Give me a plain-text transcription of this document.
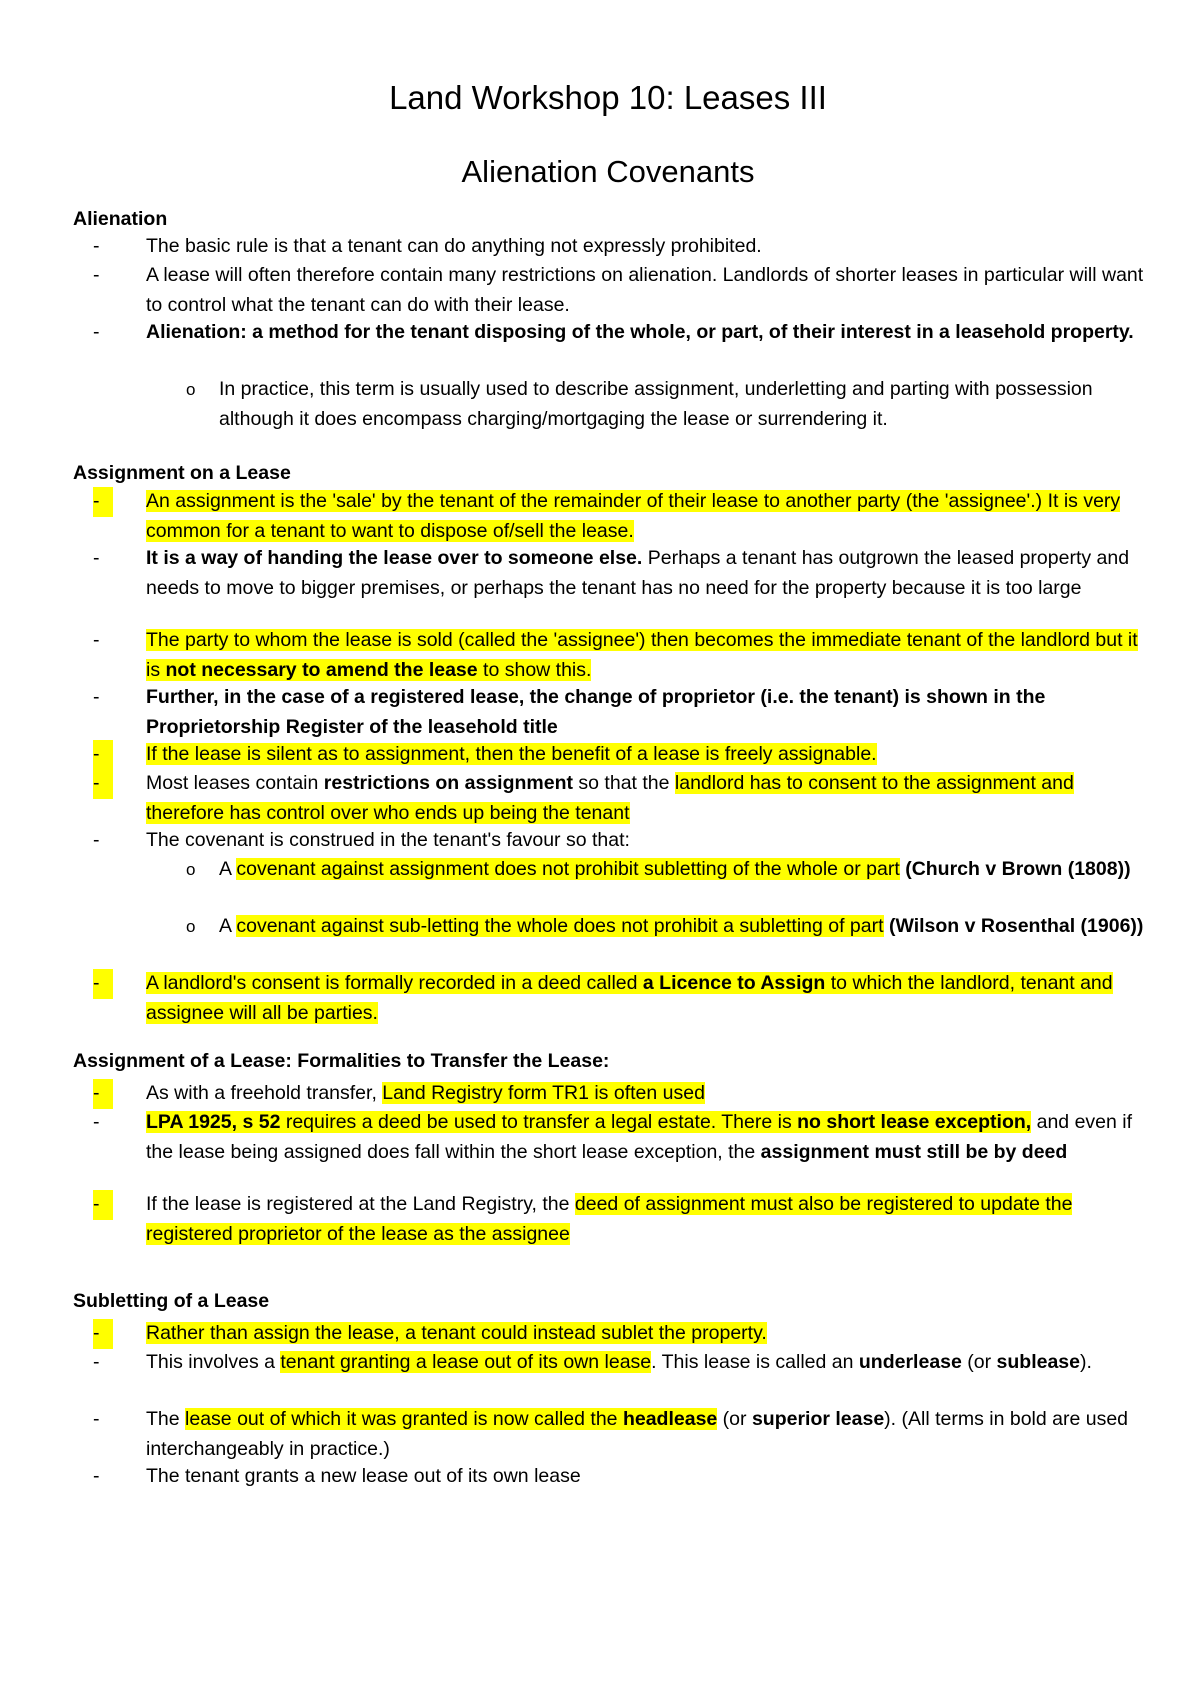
Land Workshop 10: Leases III
Alienation Covenants
Alienation
-	The basic rule is that a tenant can do anything not expressly prohibited.
-	A lease will often therefore contain many restrictions on alienation. Landlords of shorter leases in particular will want to control what the tenant can do with their lease.
-	Alienation: a method for the tenant disposing of the whole, or part, of their interest in a leasehold property.
o In practice, this term is usually used to describe assignment, underletting and parting with possession although it does encompass charging/mortgaging the lease or surrendering it.
Assignment on a Lease
-	An assignment is the 'sale' by the tenant of the remainder of their lease to another party (the 'assignee'.) It is very common for a tenant to want to dispose of/sell the lease.
-	It is a way of handing the lease over to someone else. Perhaps a tenant has outgrown the leased property and needs to move to bigger premises, or perhaps the tenant has no need for the property because it is too large
-	The party to whom the lease is sold (called the 'assignee') then becomes the immediate tenant of the landlord but it is not necessary to amend the lease to show this.
-	Further, in the case of a registered lease, the change of proprietor (i.e. the tenant) is shown in the Proprietorship Register of the leasehold title
-	If the lease is silent as to assignment, then the benefit of a lease is freely assignable.
-	Most leases contain restrictions on assignment so that the landlord has to consent to the assignment and therefore has control over who ends up being the tenant
-	The covenant is construed in the tenant's favour so that:
o A covenant against assignment does not prohibit subletting of the whole or part (Church v Brown (1808))
o A covenant against sub-letting the whole does not prohibit a subletting of part (Wilson v Rosenthal (1906))
-	A landlord's consent is formally recorded in a deed called a Licence to Assign to which the landlord, tenant and assignee will all be parties.
Assignment of a Lease: Formalities to Transfer the Lease:
-	As with a freehold transfer, Land Registry form TR1 is often used
-	LPA 1925, s 52 requires a deed be used to transfer a legal estate. There is no short lease exception, and even if the lease being assigned does fall within the short lease exception, the assignment must still be by deed
-	If the lease is registered at the Land Registry, the deed of assignment must also be registered to update the registered proprietor of the lease as the assignee
Subletting of a Lease
-	Rather than assign the lease, a tenant could instead sublet the property.
-	This involves a tenant granting a lease out of its own lease. This lease is called an underlease (or sublease).
-	The lease out of which it was granted is now called the headlease (or superior lease). (All terms in bold are used interchangeably in practice.)
-	The tenant grants a new lease out of its own lease
